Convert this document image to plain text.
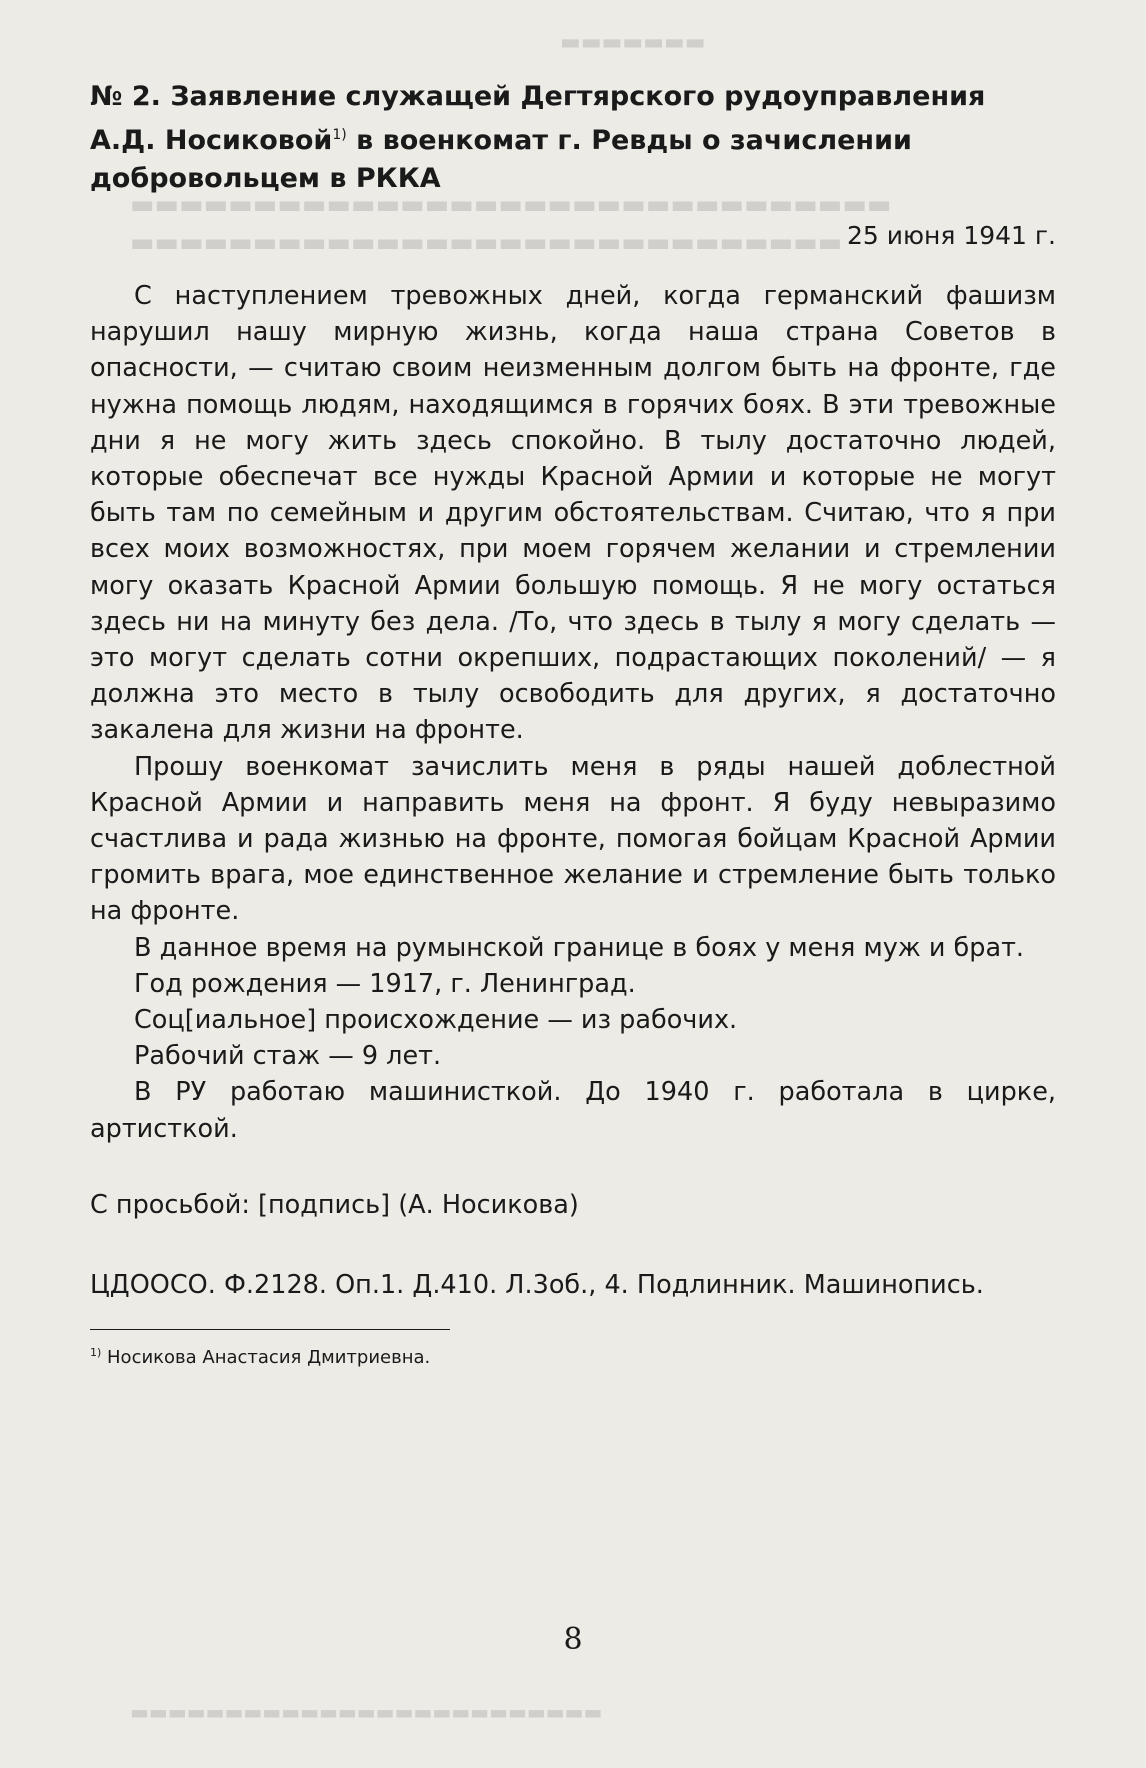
▬▬▬▬▬▬▬
▬▬▬▬▬▬▬▬▬▬▬▬▬▬▬▬▬▬▬▬▬▬▬▬▬▬▬▬▬▬▬
▬▬▬▬▬▬▬▬▬▬▬▬▬▬▬▬▬▬▬▬▬▬▬▬▬▬▬▬▬
▬▬▬▬▬▬▬▬▬▬▬▬▬▬▬▬▬▬▬▬▬▬▬▬▬
№ 2. Заявление служащей Дегтярского рудоуправления
А.Д. Носиковой$^{1)}$ в военкомат г. Ревды о зачислении
добровольцем в РККА
25 июня 1941 г.

С наступлением тревожных дней, когда германский фашизм нарушил нашу мирную жизнь, когда наша страна Советов в опасности, — считаю своим неизменным долгом быть на фронте, где нужна помощь людям, находящимся в горячих боях. В эти тревожные дни я не могу жить здесь спокойно. В тылу достаточно людей, которые обеспечат все нужды Красной Армии и которые не могут быть там по семейным и другим обстоятельствам. Считаю, что я при всех моих возможностях, при моем горячем желании и стремлении могу оказать Красной Армии большую помощь. Я не могу остаться здесь ни на минуту без дела. /То, что здесь в тылу я могу сделать — это могут сделать сотни окрепших, подрастающих поколений/ — я должна это место в тылу освободить для других, я достаточно закалена для жизни на фронте.

Прошу военкомат зачислить меня в ряды нашей доблестной Красной Армии и направить меня на фронт. Я буду невыразимо счастлива и рада жизнью на фронте, помогая бойцам Красной Армии громить врага, мое единственное желание и стремление быть только на фронте.

В данное время на румынской границе в боях у меня муж и брат.

Год рождения — 1917, г. Ленинград.

Соц[иальное] происхождение — из рабочих.

Рабочий стаж — 9 лет.

В РУ работаю машинисткой. До 1940 г. работала в цирке, артисткой.

С просьбой: [подпись] (А. Носикова)
ЦДООСО. Ф.2128. Оп.1. Д.410. Л.3об., 4. Подлинник. Машинопись.
$^{1)}$ Носикова Анастасия Дмитриевна.
8
